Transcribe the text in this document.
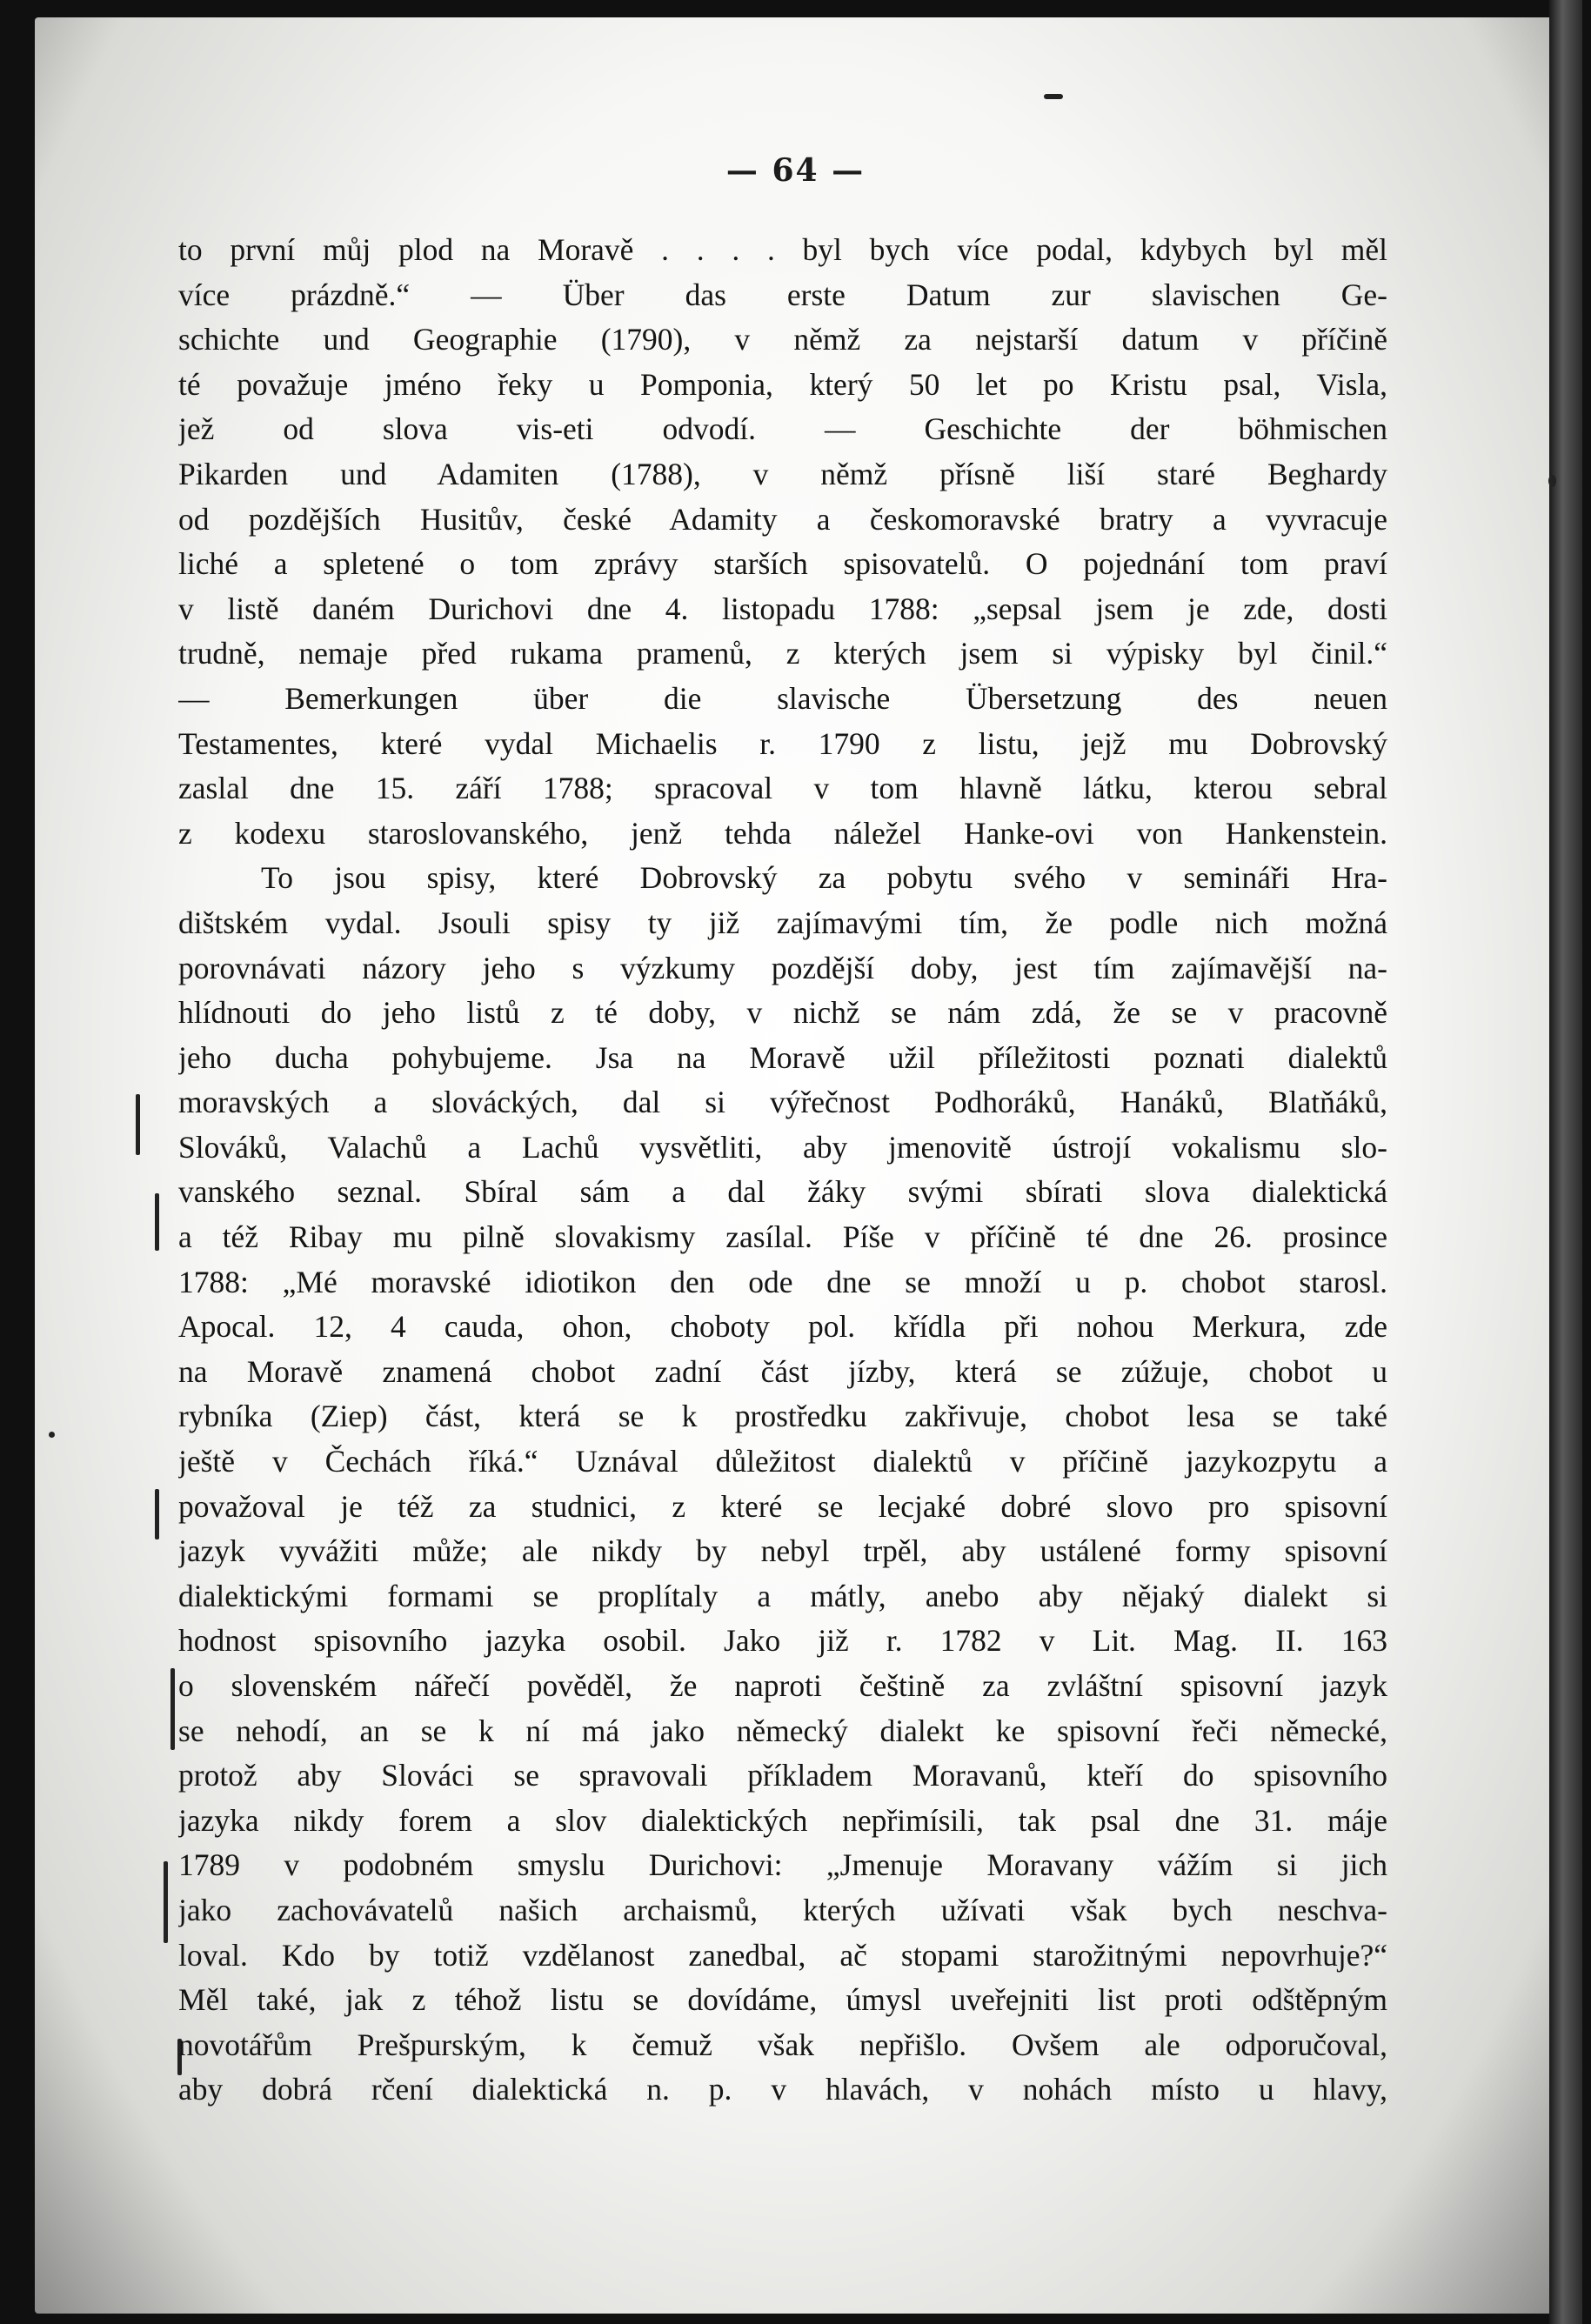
— 64 —
to první můj plod na Moravě . . . . byl bych více podal, kdybych byl měl
více prázdně.“ — Über das erste Datum zur slavischen Ge-
schichte und Geographie (1790), v němž za nejstarší datum v příčině
té považuje jméno řeky u Pomponia, který 50 let po Kristu psal, Visla,
jež od slova vis-eti odvodí. — Geschichte der böhmischen
Pikarden und Adamiten (1788), v němž přísně liší staré Beghardy
od pozdějších Husitův, české Adamity a českomoravské bratry a vyvracuje
liché a spletené o tom zprávy starších spisovatelů. O pojednání tom praví
v listě daném Durichovi dne 4. listopadu 1788: „sepsal jsem je zde, dosti
trudně, nemaje před rukama pramenů, z kterých jsem si výpisky byl činil.“
— Bemerkungen über die slavische Übersetzung des neuen
Testamentes, které vydal Michaelis r. 1790 z listu, jejž mu Dobrovský
zaslal dne 15. září 1788; spracoval v tom hlavně látku, kterou sebral
z kodexu staroslovanského, jenž tehda náležel Hanke-ovi von Hankenstein.
To jsou spisy, které Dobrovský za pobytu svého v semináři Hra-
dištském vydal. Jsouli spisy ty již zajímavými tím, že podle nich možná
porovnávati názory jeho s výzkumy pozdější doby, jest tím zajímavější na-
hlídnouti do jeho listů z té doby, v nichž se nám zdá, že se v pracovně
jeho ducha pohybujeme. Jsa na Moravě užil příležitosti poznati dialektů
moravských a slováckých, dal si výřečnost Podhoráků, Hanáků, Blatňáků,
Slováků, Valachů a Lachů vysvětliti, aby jmenovitě ústrojí vokalismu slo-
vanského seznal. Sbíral sám a dal žáky svými sbírati slova dialektická
a též Ribay mu pilně slovakismy zasílal. Píše v příčině té dne 26. prosince
1788: „Mé moravské idiotikon den ode dne se množí u p. chobot starosl.
Apocal. 12, 4 cauda, ohon, choboty pol. křídla při nohou Merkura, zde
na Moravě znamená chobot zadní část jízby, která se zúžuje, chobot u
rybníka (Ziep) část, která se k prostředku zakřivuje, chobot lesa se také
ještě v Čechách říká.“ Uznával důležitost dialektů v příčině jazykozpytu a
považoval je též za studnici, z které se lecjaké dobré slovo pro spisovní
jazyk vyvážiti může; ale nikdy by nebyl trpěl, aby ustálené formy spisovní
dialektickými formami se proplítaly a mátly, anebo aby nějaký dialekt si
hodnost spisovního jazyka osobil. Jako již r. 1782 v Lit. Mag. II. 163
o slovenském nářečí pověděl, že naproti češtině za zvláštní spisovní jazyk
se nehodí, an se k ní má jako německý dialekt ke spisovní řeči německé,
protož aby Slováci se spravovali příkladem Moravanů, kteří do spisovního
jazyka nikdy forem a slov dialektických nepřimísili, tak psal dne 31. máje
1789 v podobném smyslu Durichovi: „Jmenuje Moravany vážím si jich
jako zachovávatelů našich archaismů, kterých užívati však bych neschva-
loval. Kdo by totiž vzdělanost zanedbal, ač stopami starožitnými nepovrhuje?“
Měl také, jak z téhož listu se dovídáme, úmysl uveřejniti list proti odštěpným
novotářům Prešpurským, k čemuž však nepřišlo. Ovšem ale odporučoval,
aby dobrá rčení dialektická n. p. v hlavách, v nohách místo u hlavy,
